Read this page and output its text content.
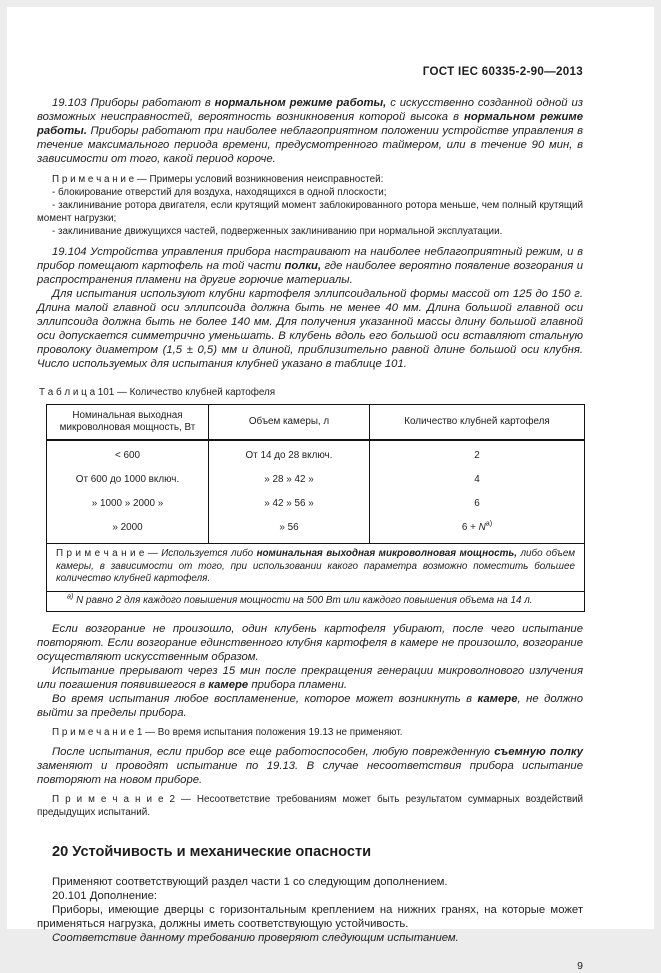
ГОСТ IEC 60335-2-90—2013

19.103 Приборы работают в нормальном режиме работы, с искусственно созданной одной из возможных неисправностей, вероятность возникновения которой высока в нормальном режиме работы. Приборы работают при наиболее неблагоприятном положении устройстве управления в течение максимального периода времени, предусмотренного таймером, или в течение 90 мин, в зависимости от того, какой период короче.

П р и м е ч а н и е — Примеры условий возникновения неисправностей:

- блокирование отверстий для воздуха, находящихся в одной плоскости;

- заклинивание ротора двигателя, если крутящий момент заблокированного ротора меньше, чем полный крутящий момент нагрузки;

- заклинивание движущихся частей, подверженных заклиниванию при нормальной эксплуатации.

19.104 Устройства управления прибора настраивают на наиболее неблагоприятный режим, и в прибор помещают картофель на той части полки, где наиболее вероятно появление возгорания и распространения пламени на другие горючие материалы.

Для испытания используют клубни картофеля эллипсоидальной формы массой от 125 до 150 г. Длина малой главной оси эллипсоида должна быть не менее 40 мм. Длина большой главной оси эллипсоида должна быть не более 140 мм. Для получения указанной массы длину большой главной оси допускается симметрично уменьшать. В клубень вдоль его большой оси вставляют стальную проволоку диаметром (1,5 ± 0,5) мм и длиной, приблизительно равной длине большой оси клубня. Число используемых для испытания клубней указано в таблице 101.

Т а б л и ц а 101 — Количество клубней картофеля

Номинальная выходная микроволновая мощность, Вт	Объем камеры, л	Количество клубней картофеля
< 600	От 14 до 28 включ.	2
От 600 до 1000 включ.	» 28 » 42 »	4
» 1000 » 2000 »	» 42 » 56 »	6
» 2000	» 56	$6 + N^{a)}$
П р и м е ч а н и е — Используется либо номинальная выходная микроволновая мощность, либо объем камеры, в зависимости от того, при использовании какого параметра возможно поместить большее количество клубней картофеля.		
$^{a)}$ N равно 2 для каждого повышения мощности на 500 Вт или каждого повышения объема на 14 л.		

Если возгорание не произошло, один клубень картофеля убирают, после чего испытание повторяют. Если возгорание единственного клубня картофеля в камере не произошло, возгорание осуществляют искусственным образом.

Испытание прерывают через 15 мин после прекращения генерации микроволнового излучения или погашения появившегося в камере прибора пламени.

Во время испытания любое воспламенение, которое может возникнуть в камере, не должно выйти за пределы прибора.

П р и м е ч а н и е 1 — Во время испытания положения 19.13 не применяют.

После испытания, если прибор все еще работоспособен, любую поврежденную съемную полку заменяют и проводят испытание по 19.13. В случае несоответствия прибора испытание повторяют на новом приборе.

П р и м е ч а н и е 2 — Несоответствие требованиям может быть результатом суммарных воздействий предыдущих испытаний.

20 Устойчивость и механические опасности

Применяют соответствующий раздел части 1 со следующим дополнением.

20.101 Дополнение:

Приборы, имеющие дверцы с горизонтальным креплением на нижних гранях, на которые может применяться нагрузка, должны иметь соответствующую устойчивость.

Соответствие данному требованию проверяют следующим испытанием.

9
